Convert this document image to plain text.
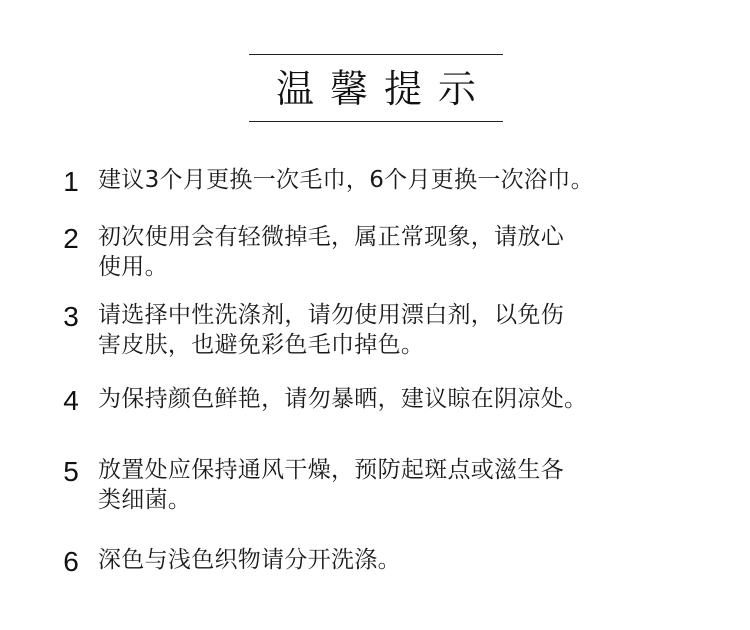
温馨提示
1 建议3个月更换一次毛巾，6个月更换一次浴巾。
2 初次使用会有轻微掉毛，属正常现象，请放心
使用。
3 请选择中性洗涤剂，请勿使用漂白剂，以免伤
害皮肤，也避免彩色毛巾掉色。
4 为保持颜色鲜艳，请勿暴晒，建议晾在阴凉处。
5 放置处应保持通风干燥，预防起斑点或滋生各
类细菌。
6 深色与浅色织物请分开洗涤。
